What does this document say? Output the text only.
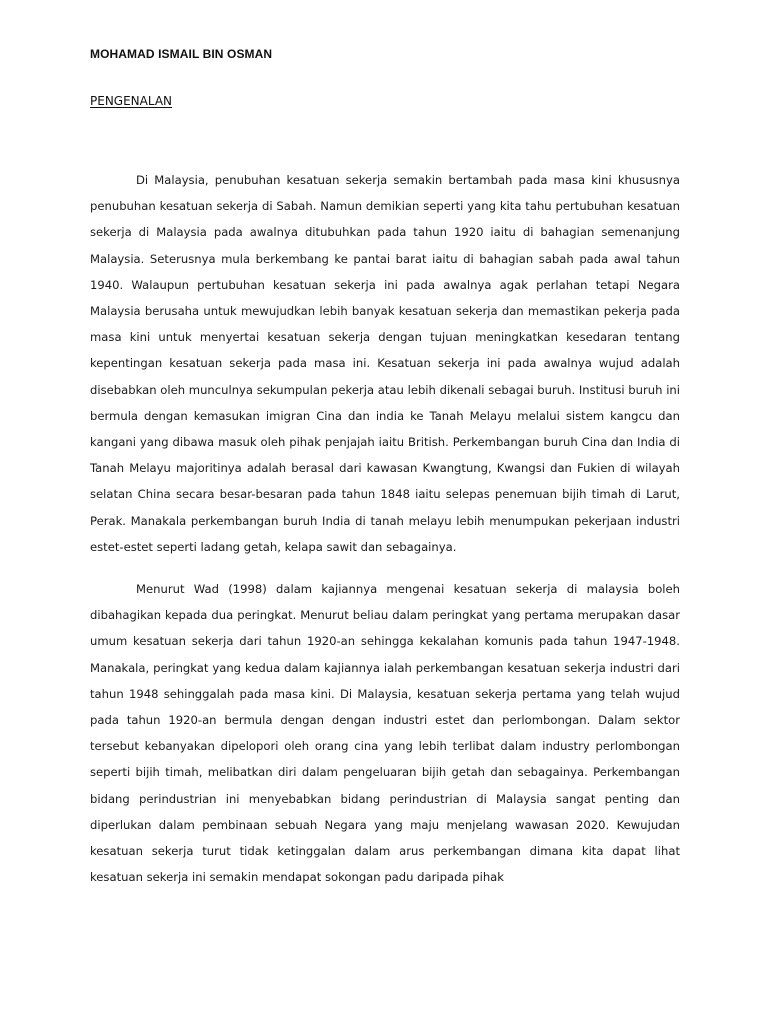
MOHAMAD ISMAIL BIN OSMAN
PENGENALAN

Di Malaysia, penubuhan kesatuan sekerja semakin bertambah pada masa kini khususnya penubuhan kesatuan sekerja di Sabah. Namun demikian seperti yang kita tahu pertubuhan kesatuan sekerja di Malaysia pada awalnya ditubuhkan pada tahun 1920 iaitu di bahagian semenanjung Malaysia. Seterusnya mula berkembang ke pantai barat iaitu di bahagian sabah pada awal tahun 1940. Walaupun pertubuhan kesatuan sekerja ini pada awalnya agak perlahan tetapi Negara Malaysia berusaha untuk mewujudkan lebih banyak kesatuan sekerja dan memastikan pekerja pada masa kini untuk menyertai kesatuan sekerja dengan tujuan meningkatkan kesedaran tentang kepentingan kesatuan sekerja pada masa ini. Kesatuan sekerja ini pada awalnya wujud adalah disebabkan oleh munculnya sekumpulan pekerja atau lebih dikenali sebagai buruh. Institusi buruh ini bermula dengan kemasukan imigran Cina dan india ke Tanah Melayu melalui sistem kangcu dan kangani yang dibawa masuk oleh pihak penjajah iaitu British. Perkembangan buruh Cina dan India di Tanah Melayu majoritinya adalah berasal dari kawasan Kwangtung, Kwangsi dan Fukien di wilayah selatan China secara besar-besaran pada tahun 1848 iaitu selepas penemuan bijih timah di Larut, Perak. Manakala perkembangan buruh India di tanah melayu lebih menumpukan pekerjaan industri estet-estet seperti ladang getah, kelapa sawit dan sebagainya.

Menurut Wad (1998) dalam kajiannya mengenai kesatuan sekerja di malaysia boleh dibahagikan kepada dua peringkat. Menurut beliau dalam peringkat yang pertama merupakan dasar umum kesatuan sekerja dari tahun 1920-an sehingga kekalahan komunis pada tahun 1947-1948. Manakala, peringkat yang kedua dalam kajiannya ialah perkembangan kesatuan sekerja industri dari tahun 1948 sehinggalah pada masa kini. Di Malaysia, kesatuan sekerja pertama yang telah wujud pada tahun 1920-an bermula dengan dengan industri estet dan perlombongan. Dalam sektor tersebut kebanyakan dipelopori oleh orang cina yang lebih terlibat dalam industry perlombongan seperti bijih timah, melibatkan diri dalam pengeluaran bijih getah dan sebagainya. Perkembangan bidang perindustrian ini menyebabkan bidang perindustrian di Malaysia sangat penting dan diperlukan dalam pembinaan sebuah Negara yang maju menjelang wawasan 2020. Kewujudan kesatuan sekerja turut tidak ketinggalan dalam arus perkembangan dimana kita dapat lihat kesatuan sekerja ini semakin mendapat sokongan padu daripada pihak
